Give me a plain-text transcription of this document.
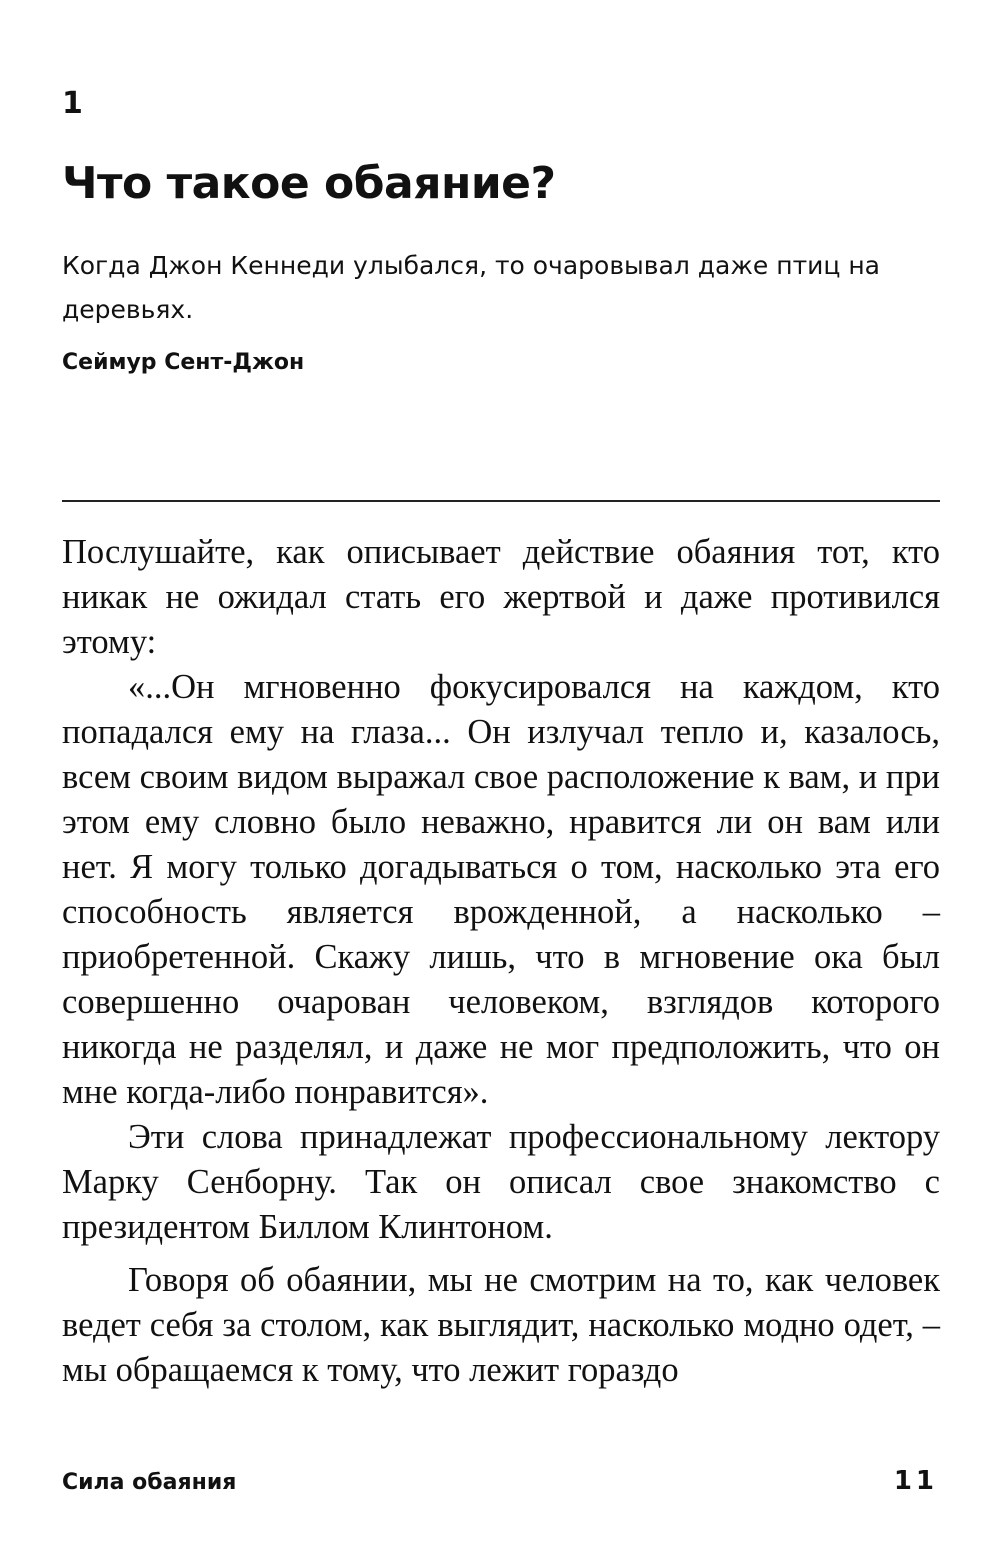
1
Что такое обаяние?

Когда Джон Кеннеди улыбался, то очаровывал даже птиц на деревьях.

Сеймур Сент-Джон

Послушайте, как описывает действие обаяния тот, кто никак не ожидал стать его жертвой и даже противился этому:

«...Он мгновенно фокусировался на каждом, кто попадался ему на глаза... Он излучал тепло и, казалось, всем своим видом выражал свое расположение к вам, и при этом ему словно было неважно, нравится ли он вам или нет. Я могу только догадываться о том, насколько эта его способность является врожденной, а насколько – приобретенной. Скажу лишь, что в мгновение ока был совершенно очарован человеком, взглядов которого никогда не разделял, и даже не мог предположить, что он мне когда-либо понравится».

Эти слова принадлежат профессиональному лектору Марку Сенборну. Так он описал свое знакомство с президентом Биллом Клинтоном.

Говоря об обаянии, мы не смотрим на то, как человек ведет себя за столом, как выглядит, насколько модно одет, – мы обращаемся к тому, что лежит гораздо

Сила обаяния	11
